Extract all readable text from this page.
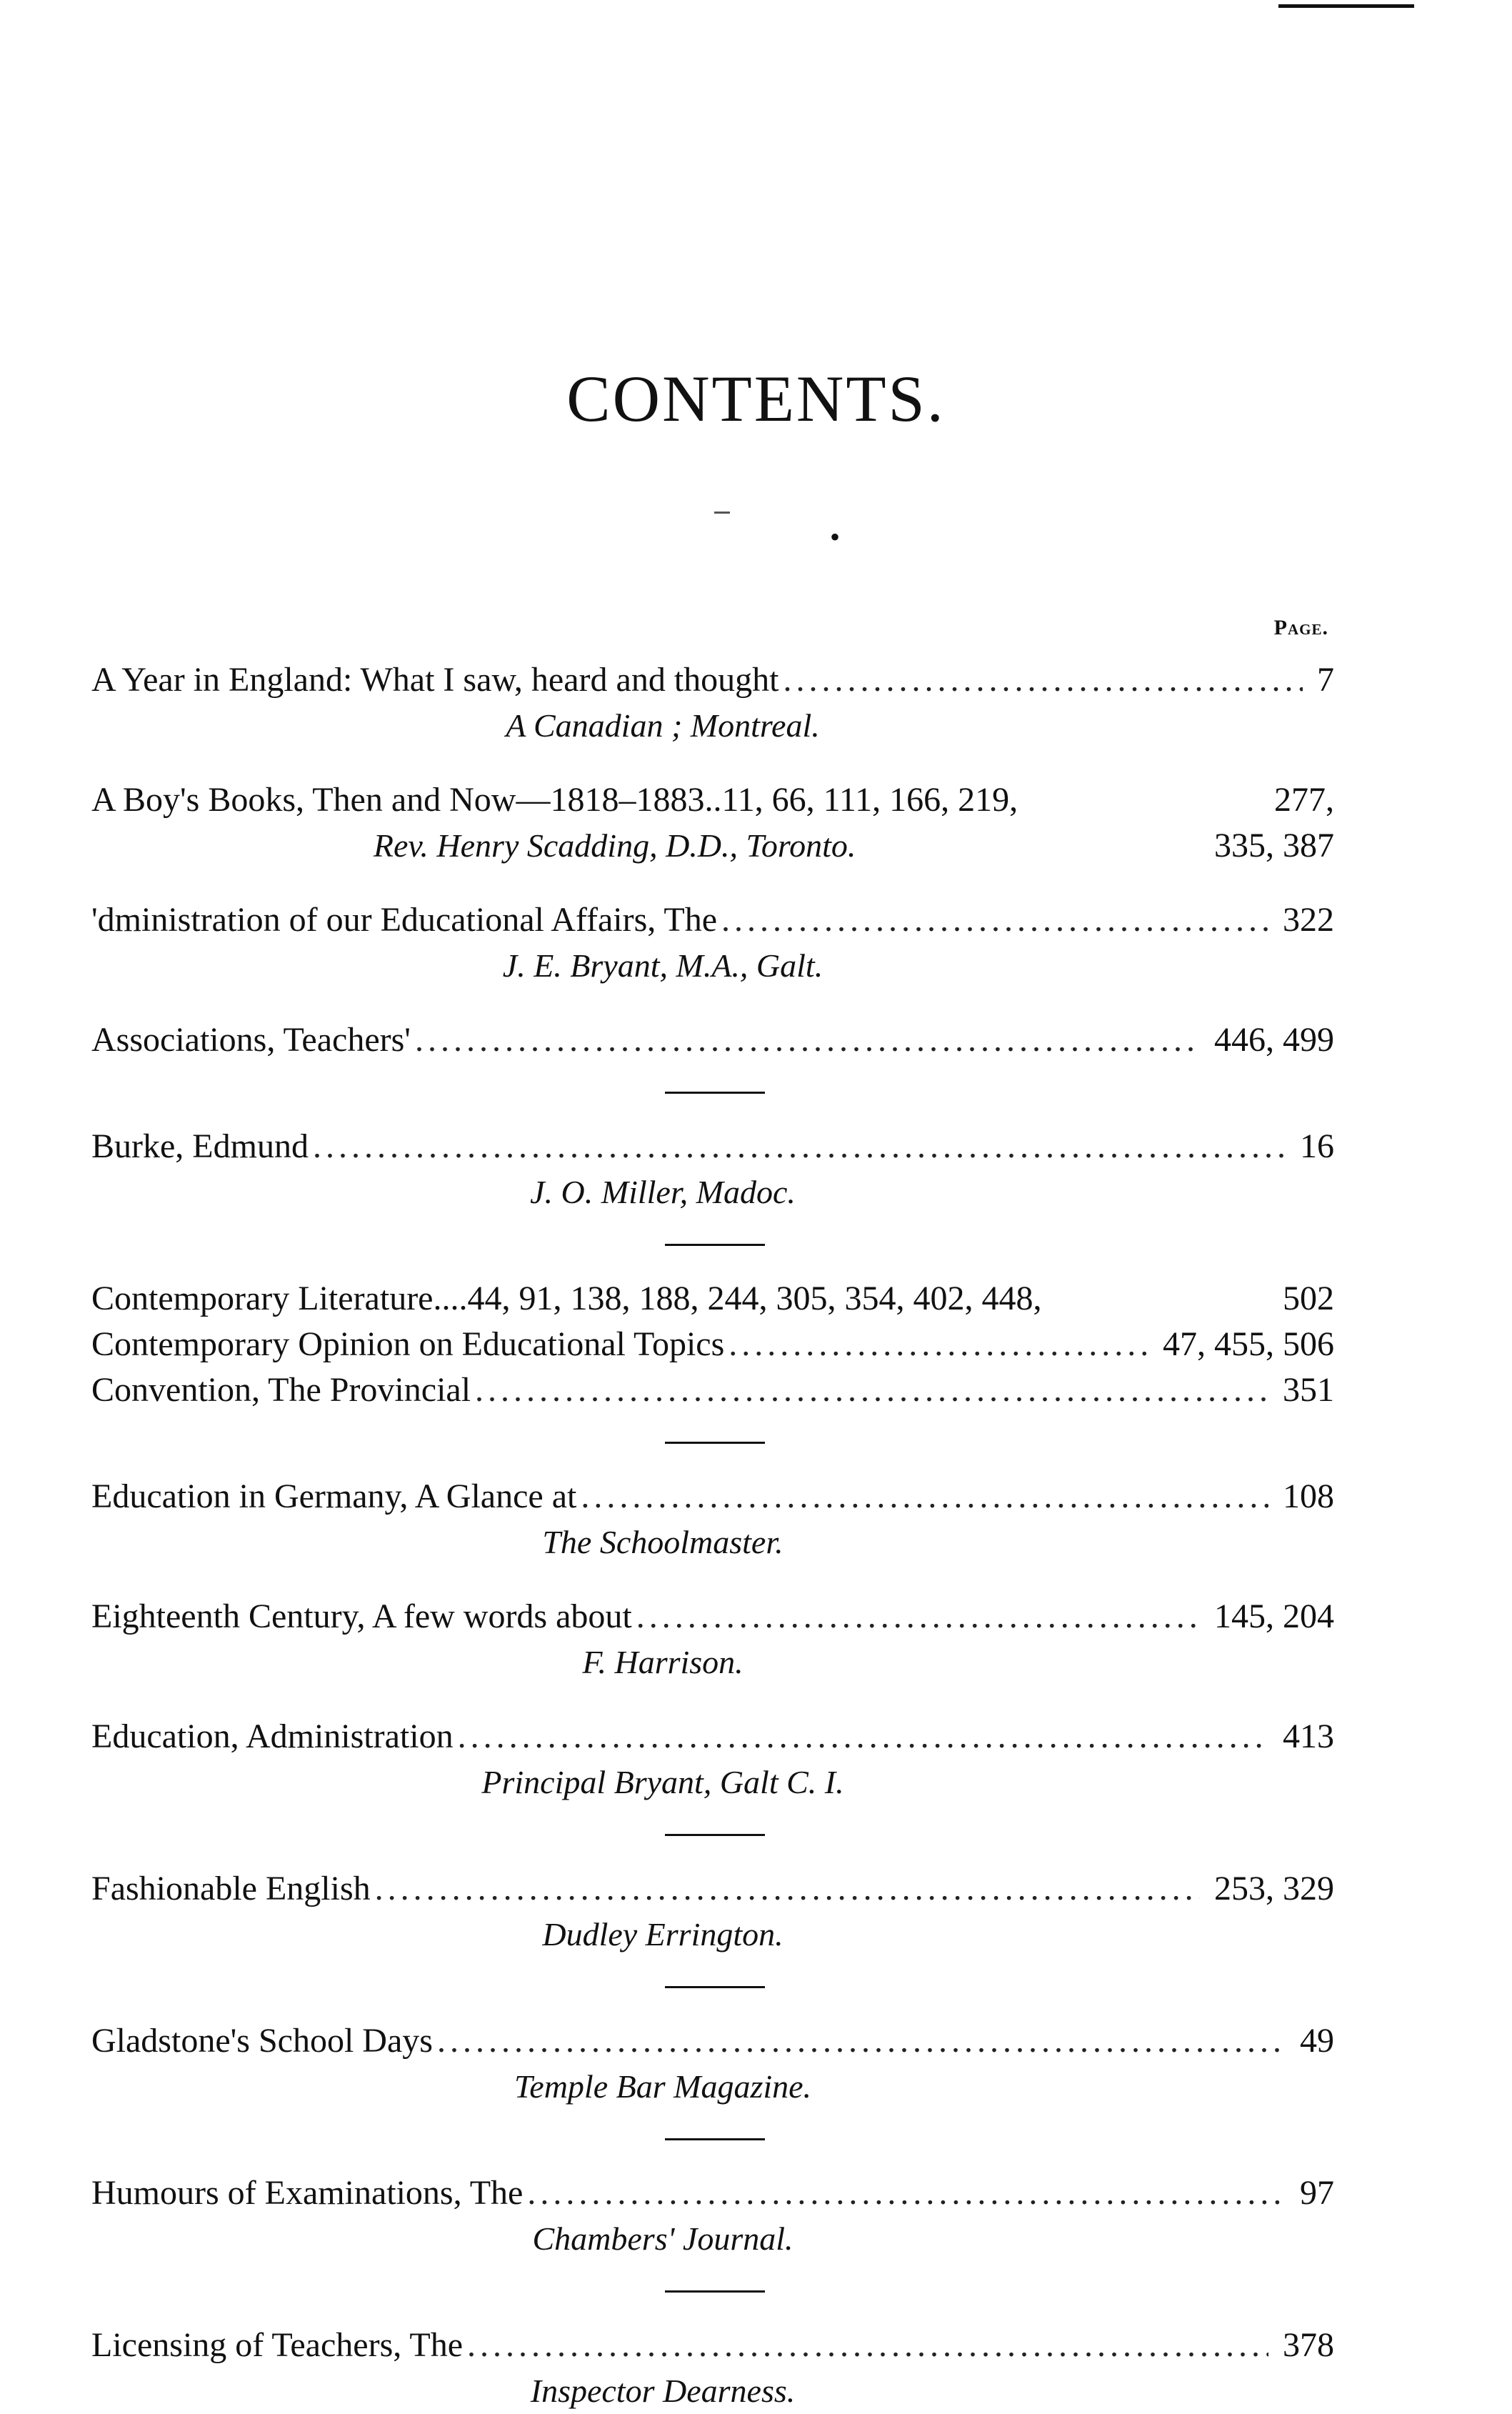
CONTENTS.
•
Page.
A Year in England: What I saw, heard and thought .....	7
A Canadian ; Montreal.
A Boy's Books, Then and Now—1818–1883..11, 66, 111, 166, 219,	277,
Rev. Henry Scadding, D.D., Toronto.	335, 387
'dministration of our Educational Affairs, The .....	322
J. E. Bryant, M.A., Galt.
Associations, Teachers' .....	446, 499
Burke, Edmund .....	16
J. O. Miller, Madoc.
Contemporary Literature....44, 91, 138, 188, 244, 305, 354, 402, 448,	502
Contemporary Opinion on Educational Topics .....	47, 455, 506
Convention, The Provincial .....	351
Education in Germany, A Glance at .....	108
The Schoolmaster.
Eighteenth Century, A few words about .....	145, 204
F. Harrison.
Education, Administration .....	413
Principal Bryant, Galt C. I.
Fashionable English .....	253, 329
Dudley Errington.
Gladstone's School Days .....	49
Temple Bar Magazine.
Humours of Examinations, The .....	97
Chambers' Journal.
Licensing of Teachers, The .....	378
Inspector Dearness.
